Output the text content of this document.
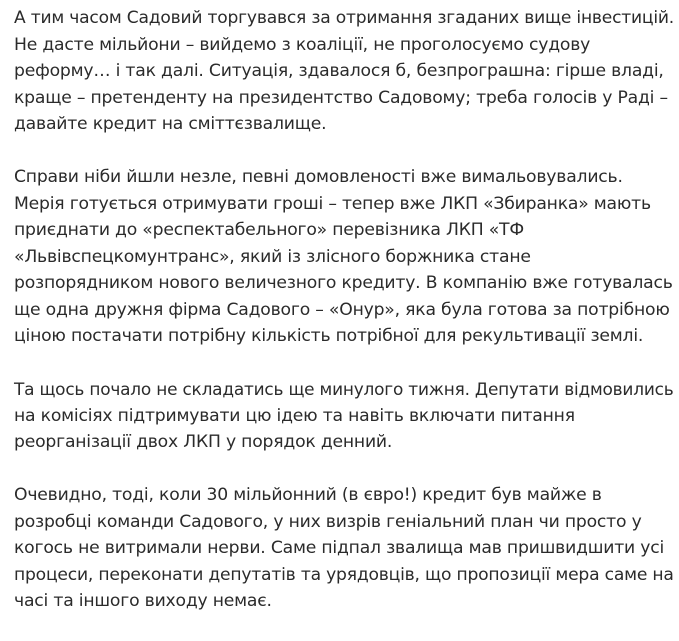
А тим часом Садовий торгувався за отримання згаданих вище інвестицій.
Не дасте мільйони – вийдемо з коаліції, не проголосуємо судову
реформу… і так далі. Ситуація, здавалося б, безпрограшна: гірше владі,
краще – претенденту на президентство Садовому; треба голосів у Раді –
давайте кредит на сміттєзвалище.

Справи ніби йшли незле, певні домовленості вже вимальовувались.
Мерія готується отримувати гроші – тепер вже ЛКП «Збиранка» мають
приєднати до «респектабельного» перевізника ЛКП «ТФ
«Львівспецкомунтранс», який із злісного боржника стане
розпорядником нового величезного кредиту. В компанію вже готувалась
ще одна дружня фірма Садового – «Онур», яка була готова за потрібною
ціною постачати потрібну кількість потрібної для рекультивації землі.

Та щось почало не складатись ще минулого тижня. Депутати відмовились
на комісіях підтримувати цю ідею та навіть включати питання
реорганізації двох ЛКП у порядок денний.

Очевидно, тоді, коли 30 мільйонний (в євро!) кредит був майже в
розробці команди Садового, у них визрів геніальний план чи просто у
когось не витримали нерви. Саме підпал звалища мав пришвидшити усі
процеси, переконати депутатів та урядовців, що пропозиції мера саме на
часі та іншого виходу немає.
